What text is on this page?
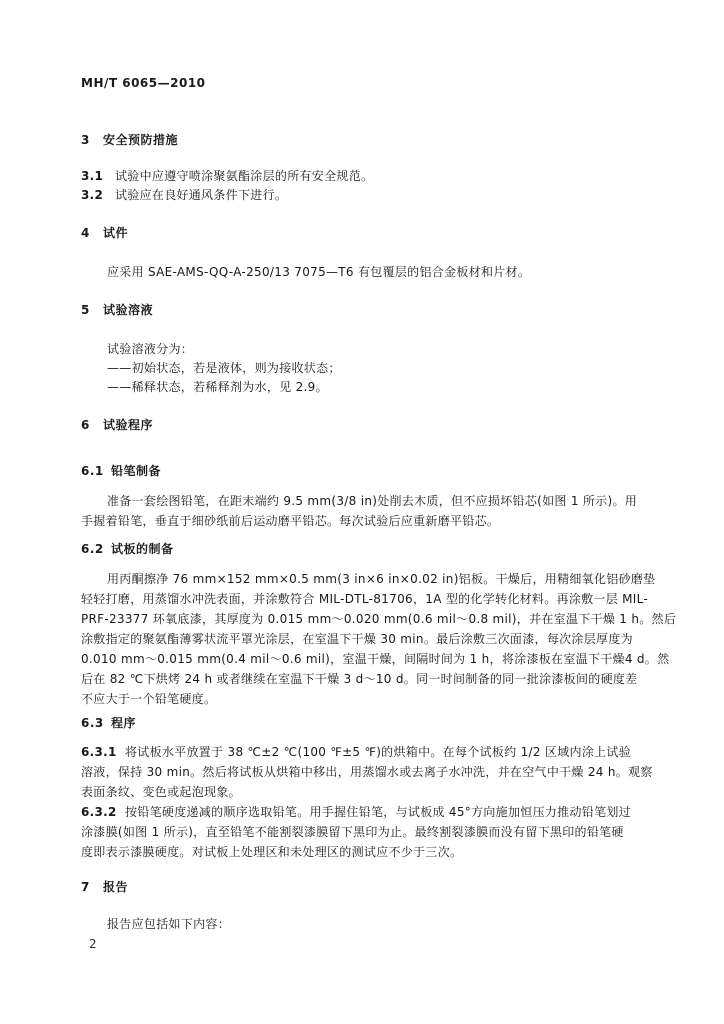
MH/T 6065—2010
3 安全预防措施
3.1 试验中应遵守喷涂聚氨酯涂层的所有安全规范。
3.2 试验应在良好通风条件下进行。
4 试件
应采用 SAE-AMS-QQ-A-250/13 7075—T6 有包覆层的铝合金板材和片材。
5 试验溶液
试验溶液分为：
——初始状态，若是液体，则为接收状态；
——稀释状态，若稀释剂为水，见 2.9。
6 试验程序
6.1 铅笔制备
准备一套绘图铅笔，在距末端约 9.5 mm(3/8 in)处削去木质，但不应损坏铅芯(如图 1 所示)。用
手握着铅笔，垂直于细砂纸前后运动磨平铅芯。每次试验后应重新磨平铅芯。
6.2 试板的制备
用丙酮擦净 76 mm×152 mm×0.5 mm(3 in×6 in×0.02 in)铝板。干燥后，用精细氧化铝砂磨垫
轻轻打磨，用蒸馏水冲洗表面，并涂敷符合 MIL-DTL-81706，1A 型的化学转化材料。再涂敷一层 MIL-
PRF-23377 环氧底漆，其厚度为 0.015 mm～0.020 mm(0.6 mil～0.8 mil)，并在室温下干燥 1 h。然后
涂敷指定的聚氨酯薄雾状流平罩光涂层，在室温下干燥 30 min。最后涂敷三次面漆，每次涂层厚度为
0.010 mm～0.015 mm(0.4 mil～0.6 mil)，室温干燥，间隔时间为 1 h，将涂漆板在室温下干燥4 d。然
后在 82 ℃下烘烤 24 h 或者继续在室温下干燥 3 d～10 d。同一时间制备的同一批涂漆板间的硬度差
不应大于一个铅笔硬度。
6.3 程序
6.3.1 将试板水平放置于 38 ℃±2 ℃(100 ℉±5 ℉)的烘箱中。在每个试板约 1/2 区域内涂上试验
溶液，保持 30 min。然后将试板从烘箱中移出，用蒸馏水或去离子水冲洗，并在空气中干燥 24 h。观察
表面条纹、变色或起泡现象。
6.3.2 按铅笔硬度递减的顺序选取铅笔。用手握住铅笔，与试板成 45°方向施加恒压力推动铅笔划过
涂漆膜(如图 1 所示)，直至铅笔不能割裂漆膜留下黑印为止。最终割裂漆膜而没有留下黑印的铅笔硬
度即表示漆膜硬度。对试板上处理区和未处理区的测试应不少于三次。
7 报告
报告应包括如下内容：
2
